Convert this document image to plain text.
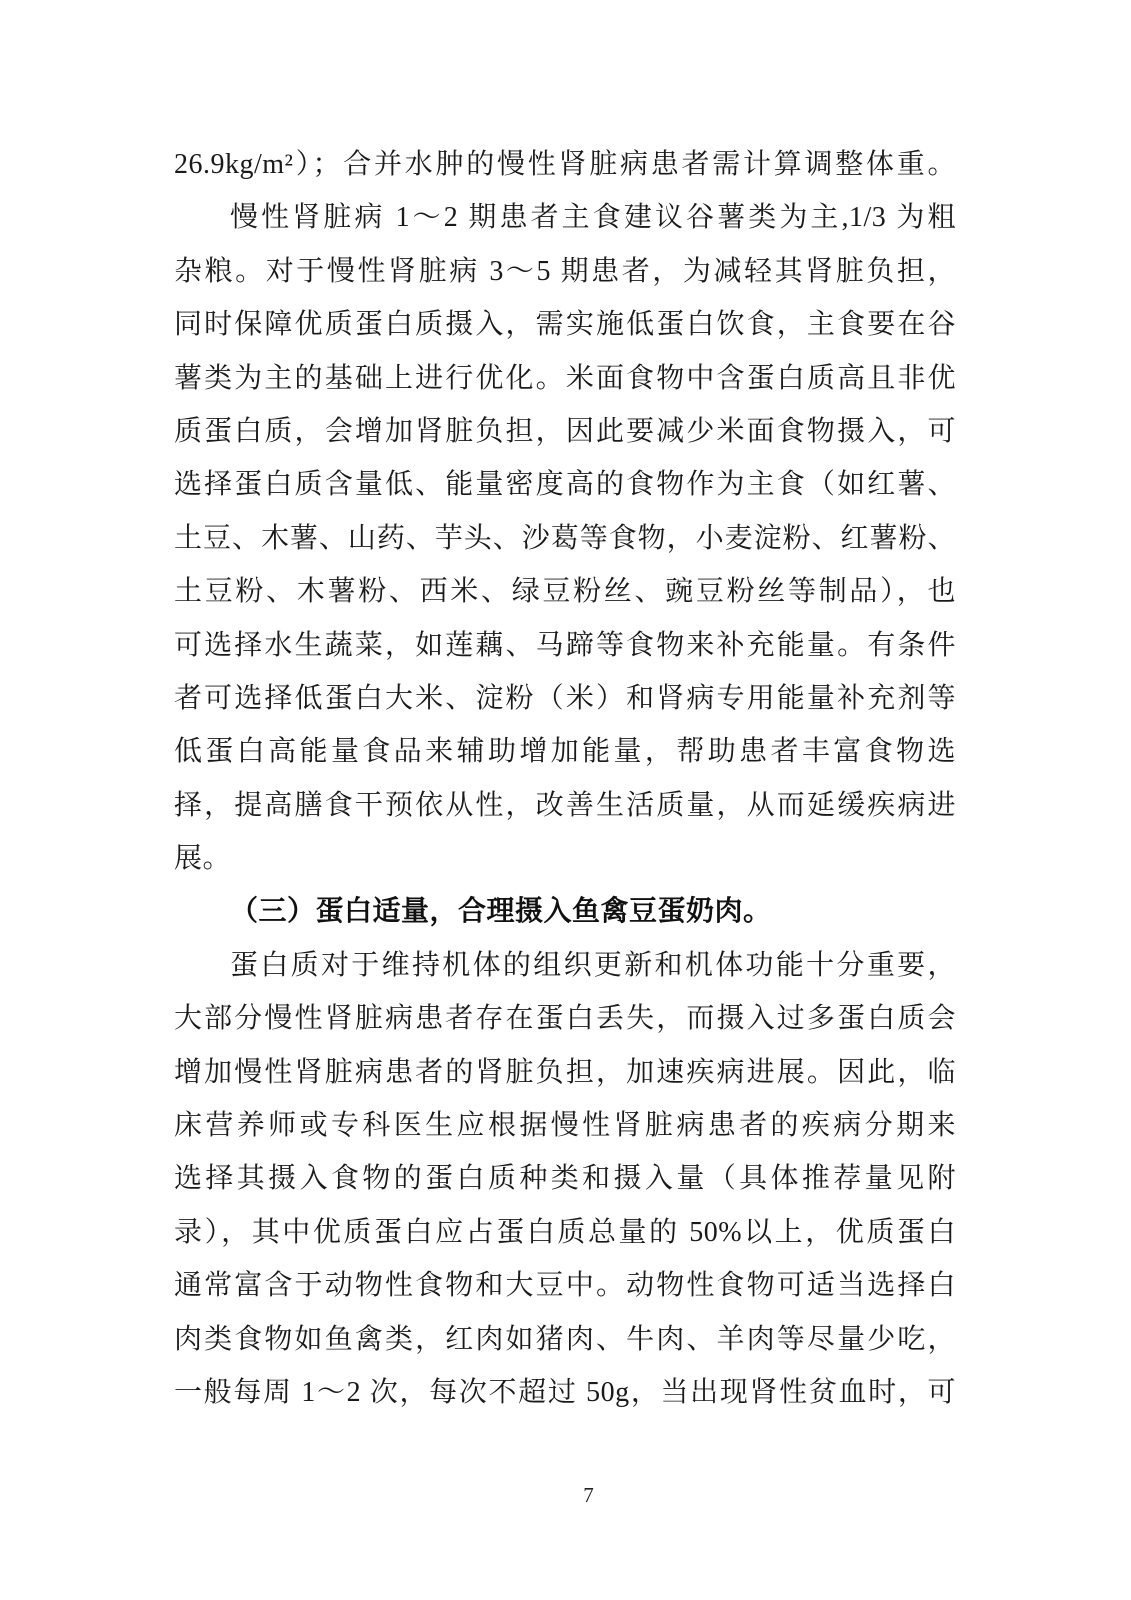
26.9kg/m²）；合并水肿的慢性肾脏病患者需计算调整体重。
慢性肾脏病 1～2 期患者主食建议谷薯类为主,1/3 为粗
杂粮。对于慢性肾脏病 3～5 期患者，为减轻其肾脏负担，
同时保障优质蛋白质摄入，需实施低蛋白饮食，主食要在谷
薯类为主的基础上进行优化。米面食物中含蛋白质高且非优
质蛋白质，会增加肾脏负担，因此要减少米面食物摄入，可
选择蛋白质含量低、能量密度高的食物作为主食（如红薯、
土豆、木薯、山药、芋头、沙葛等食物，小麦淀粉、红薯粉、
土豆粉、木薯粉、西米、绿豆粉丝、豌豆粉丝等制品），也
可选择水生蔬菜，如莲藕、马蹄等食物来补充能量。有条件
者可选择低蛋白大米、淀粉（米）和肾病专用能量补充剂等
低蛋白高能量食品来辅助增加能量，帮助患者丰富食物选
择，提高膳食干预依从性，改善生活质量，从而延缓疾病进
展。
（三）蛋白适量，合理摄入鱼禽豆蛋奶肉。
蛋白质对于维持机体的组织更新和机体功能十分重要，
大部分慢性肾脏病患者存在蛋白丢失，而摄入过多蛋白质会
增加慢性肾脏病患者的肾脏负担，加速疾病进展。因此，临
床营养师或专科医生应根据慢性肾脏病患者的疾病分期来
选择其摄入食物的蛋白质种类和摄入量（具体推荐量见附
录），其中优质蛋白应占蛋白质总量的 50%以上，优质蛋白
通常富含于动物性食物和大豆中。动物性食物可适当选择白
肉类食物如鱼禽类，红肉如猪肉、牛肉、羊肉等尽量少吃，
一般每周 1～2 次，每次不超过 50g，当出现肾性贫血时，可
7
